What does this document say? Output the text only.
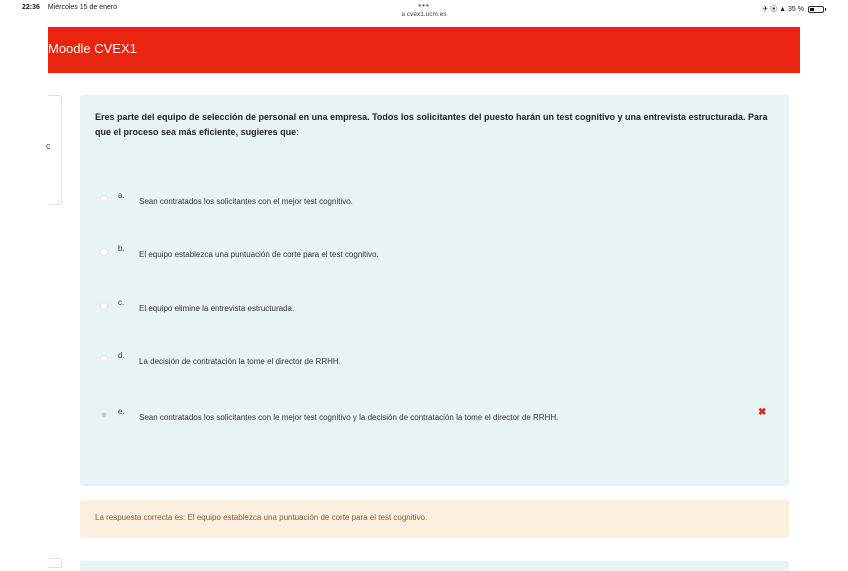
22:36 Miércoles 15 de enero	•••
a cvex1.ucm.es
✈ ⦿ ▲ 35 %
Moodle CVEX1
c
Eres parte del equipo de selección de personal en una empresa. Todos los solicitantes del puesto harán un test cognitivo y una entrevista estructurada. Para que el proceso sea más eficiente, sugieres que:
a.
Sean contratados los solicitantes con el mejor test cognitivo.
b.
El equipo establezca una puntuación de corte para el test cognitivo.
c.
El equipo elimine la entrevista estructurada.
d.
La decisión de contratación la tome el director de RRHH.
e.
Sean contratados los solicitantes con le mejor test cognitivo y la decisión de contratación la tome el director de RRHH.	✖
La respuesta correcta es: El equipo establezca una puntuación de corte para el test cognitivo.
